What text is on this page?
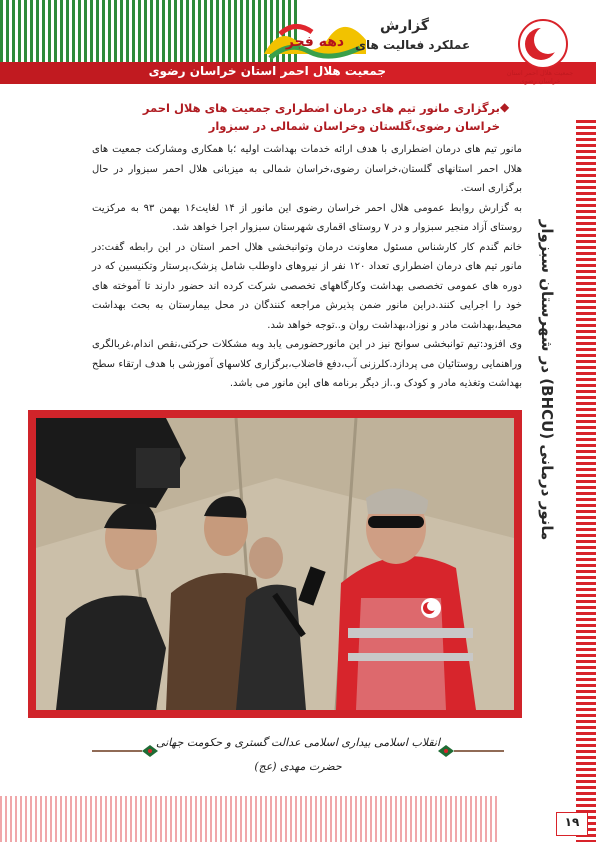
جمعیت هلال احمر استان خراسان رضوی
دهه فجر
گزارش
عملکرد فعالیت های
جمعیت هلال احمر استان خراسان رضوی
مانور درمانی (BHCU) در شهرستان سبزوار
◆
برگزاری مانور تیم های درمان اضطراری جمعیت های هلال احمر خراسان رضوی،گلستان وخراسان شمالی در سبزوار

مانور تیم های درمان اضطراری با هدف ارائه خدمات بهداشت اولیه ؛با همکاری ومشارکت جمعیت های هلال احمر استانهای گلستان،خراسان رضوی،خراسان شمالی به میزبانی هلال احمر سبزوار در حال برگزاری است.

به گزارش روابط عمومی هلال احمر خراسان رضوی این مانور از ۱۴ لغایت۱۶ بهمن ۹۳ به مرکزیت روستای آزاد منجیر سبزوار و در ۷ روستای اقماری شهرستان سبزوار اجرا خواهد شد.

خانم گندم کار کارشناس مسئول معاونت درمان وتوانبخشی هلال احمر استان در این رابطه گفت:در مانور تیم های درمان اضطراری تعداد ۱۲۰ نفر از نیروهای داوطلب شامل پزشک،پرستار وتکنیسین که در دوره های عمومی تخصصی بهداشت وکارگاههای تخصصی شرکت کرده اند حضور دارند تا آموخته های خود را اجرایی کنند.دراین مانور ضمن پذیرش مراجعه کنندگان در محل بیمارستان به بحث بهداشت محیط،بهداشت مادر و نوزاد،بهداشت روان و..توجه خواهد شد.

وی افزود:تیم توانبخشی سوانح نیز در این مانورحضورمی یابد وبه مشکلات حرکتی،نقص اندام،غربالگری وراهنمایی روستائیان می پردازد.کلرزنی آب،دفع فاضلاب،برگزاری کلاسهای آموزشی با هدف ارتقاء سطح بهداشت وتغذیه مادر و کودک و..از دیگر برنامه های این مانور می باشد.

انقلاب اسلامی بیداری اسلامی عدالت گستری و حکومت جهانی
حضرت مهدی (عج)
۱۹
